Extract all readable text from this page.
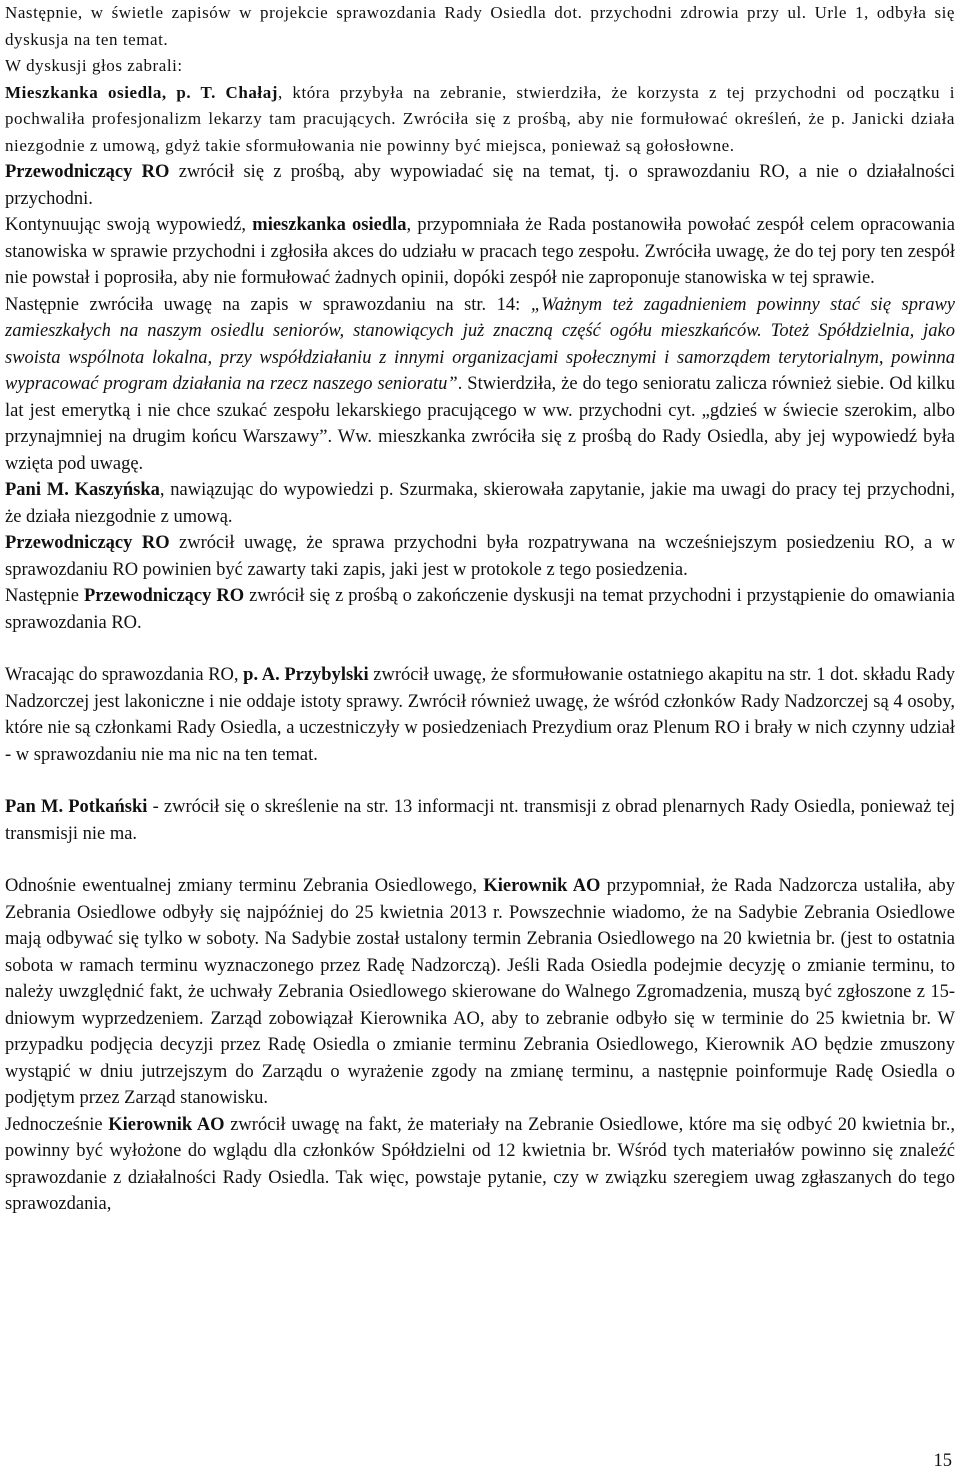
Następnie, w świetle zapisów w projekcie sprawozdania Rady Osiedla dot. przychodni zdrowia przy ul. Urle 1, odbyła się dyskusja na ten temat.

W dyskusji głos zabrali:

Mieszkanka osiedla, p. T. Chałaj, która przybyła na zebranie, stwierdziła, że korzysta z tej przychodni od początku i pochwaliła profesjonalizm lekarzy tam pracujących. Zwróciła się z prośbą, aby nie formułować określeń, że p. Janicki działa niezgodnie z umową, gdyż takie sformułowania nie powinny być miejsca, ponieważ są gołosłowne.

Przewodniczący RO zwrócił się z prośbą, aby wypowiadać się na temat, tj. o sprawozdaniu RO, a nie o działalności przychodni.

Kontynuując swoją wypowiedź, mieszkanka osiedla, przypomniała że Rada postanowiła powołać zespół celem opracowania stanowiska w sprawie przychodni i zgłosiła akces do udziału w pracach tego zespołu. Zwróciła uwagę, że do tej pory ten zespół nie powstał i poprosiła, aby nie formułować żadnych opinii, dopóki zespół nie zaproponuje stanowiska w tej sprawie.

Następnie zwróciła uwagę na zapis w sprawozdaniu na str. 14: „Ważnym też zagadnieniem powinny stać się sprawy zamieszkałych na naszym osiedlu seniorów, stanowiących już znaczną część ogółu mieszkańców. Toteż Spółdzielnia, jako swoista wspólnota lokalna, przy współdziałaniu z innymi organizacjami społecznymi i samorządem terytorialnym, powinna wypracować program działania na rzecz naszego senioratu”. Stwierdziła, że do tego senioratu zalicza również siebie. Od kilku lat jest emerytką i nie chce szukać zespołu lekarskiego pracującego w ww. przychodni cyt. „gdzieś w świecie szerokim, albo przynajmniej na drugim końcu Warszawy”. Ww. mieszkanka zwróciła się z prośbą do Rady Osiedla, aby jej wypowiedź była wzięta pod uwagę.

Pani M. Kaszyńska, nawiązując do wypowiedzi p. Szurmaka, skierowała zapytanie, jakie ma uwagi do pracy tej przychodni, że działa niezgodnie z umową.

Przewodniczący RO zwrócił uwagę, że sprawa przychodni była rozpatrywana na wcześniejszym posiedzeniu RO, a w sprawozdaniu RO powinien być zawarty taki zapis, jaki jest w protokole z tego posiedzenia.

Następnie Przewodniczący RO zwrócił się z prośbą o zakończenie dyskusji na temat przychodni i przystąpienie do omawiania sprawozdania RO.

Wracając do sprawozdania RO, p. A. Przybylski zwrócił uwagę, że sformułowanie ostatniego akapitu na str. 1 dot. składu Rady Nadzorczej jest lakoniczne i nie oddaje istoty sprawy. Zwrócił również uwagę, że wśród członków Rady Nadzorczej są 4 osoby, które nie są członkami Rady Osiedla, a uczestniczyły w posiedzeniach Prezydium oraz Plenum RO i brały w nich czynny udział - w sprawozdaniu nie ma nic na ten temat.

Pan M. Potkański - zwrócił się o skreślenie na str. 13 informacji nt. transmisji z obrad plenarnych Rady Osiedla, ponieważ tej transmisji nie ma.

Odnośnie ewentualnej zmiany terminu Zebrania Osiedlowego, Kierownik AO przypomniał, że Rada Nadzorcza ustaliła, aby Zebrania Osiedlowe odbyły się najpóźniej do 25 kwietnia 2013 r. Powszechnie wiadomo, że na Sadybie Zebrania Osiedlowe mają odbywać się tylko w soboty. Na Sadybie został ustalony termin Zebrania Osiedlowego na 20 kwietnia br. (jest to ostatnia sobota w ramach terminu wyznaczonego przez Radę Nadzorczą). Jeśli Rada Osiedla podejmie decyzję o zmianie terminu, to należy uwzględnić fakt, że uchwały Zebrania Osiedlowego skierowane do Walnego Zgromadzenia, muszą być zgłoszone z 15-dniowym wyprzedzeniem. Zarząd zobowiązał Kierownika AO, aby to zebranie odbyło się w terminie do 25 kwietnia br. W przypadku podjęcia decyzji przez Radę Osiedla o zmianie terminu Zebrania Osiedlowego, Kierownik AO będzie zmuszony wystąpić w dniu jutrzejszym do Zarządu o wyrażenie zgody na zmianę terminu, a następnie poinformuje Radę Osiedla o podjętym przez Zarząd stanowisku.

Jednocześnie Kierownik AO zwrócił uwagę na fakt, że materiały na Zebranie Osiedlowe, które ma się odbyć 20 kwietnia br., powinny być wyłożone do wglądu dla członków Spółdzielni od 12 kwietnia br. Wśród tych materiałów powinno się znaleźć sprawozdanie z działalności Rady Osiedla. Tak więc, powstaje pytanie, czy w związku szeregiem uwag zgłaszanych do tego sprawozdania,

15
